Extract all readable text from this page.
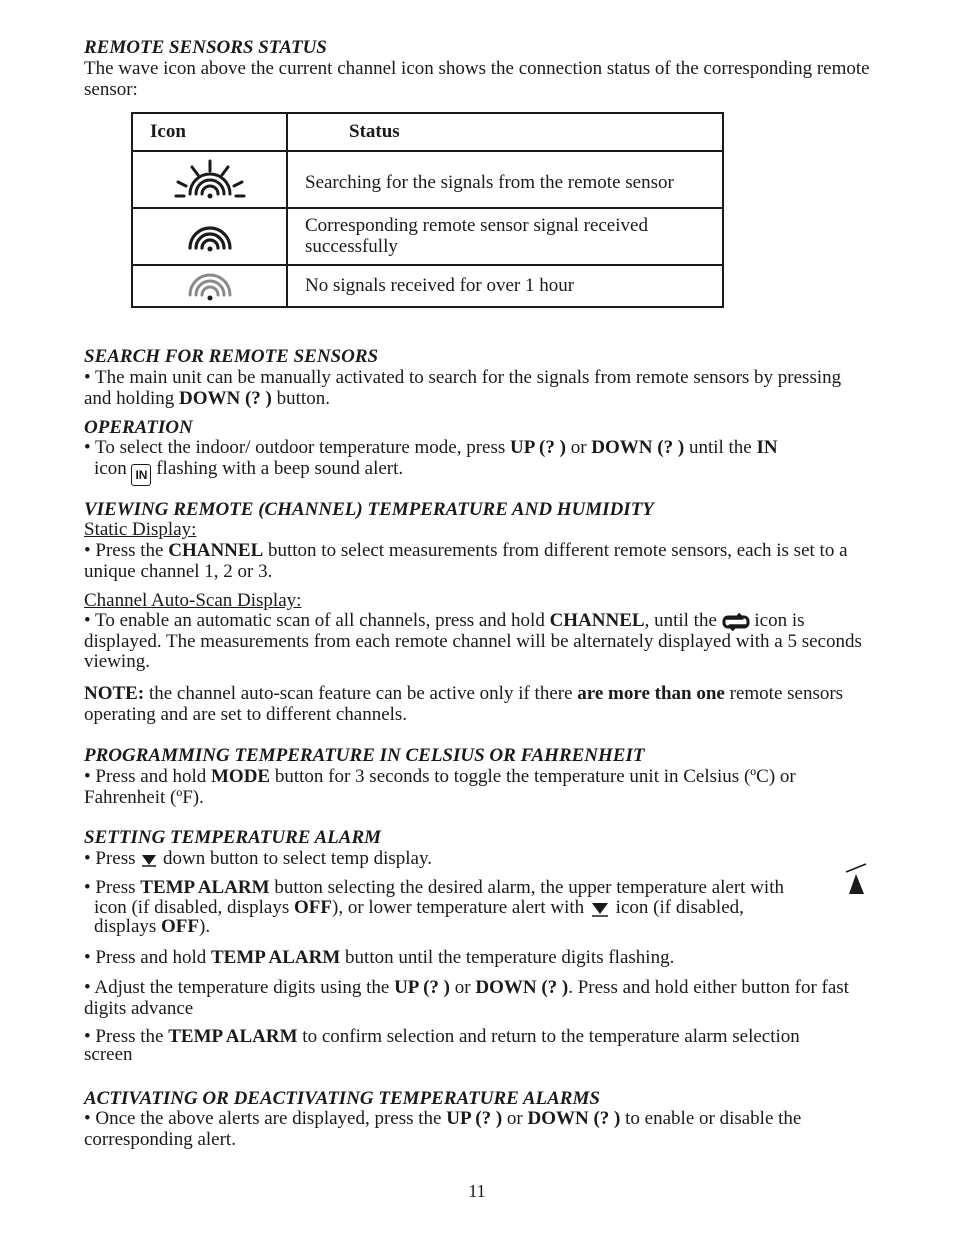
REMOTE SENSORS STATUS
The wave icon above the current channel icon shows the connection status of the corresponding remote sensor:
Icon	Status
	Searching for the signals from the remote sensor
	Corresponding remote sensor signal received successfully
	No signals received for over 1 hour
SEARCH FOR REMOTE SENSORS
• The main unit can be manually activated to search for the signals from remote sensors by pressing and holding DOWN (? ) button.
OPERATION
• To select the indoor/ outdoor temperature mode, press UP (? ) or DOWN (? ) until the IN
icon IN flashing with a beep sound alert.
VIEWING REMOTE (CHANNEL) TEMPERATURE AND HUMIDITY
Static Display:
• Press the CHANNEL button to select measurements from different remote sensors, each is set to a unique channel 1, 2 or 3.
Channel Auto-Scan Display:
• To enable an automatic scan of all channels, press and hold CHANNEL, until the  icon is displayed. The measurements from each remote channel will be alternately displayed with a 5 seconds viewing.
NOTE: the channel auto-scan feature can be active only if there are more than one remote sensors operating and are set to different channels.
PROGRAMMING TEMPERATURE IN CELSIUS OR FAHRENHEIT
• Press and hold MODE button for 3 seconds to toggle the temperature unit in Celsius (ºC) or Fahrenheit (ºF).
SETTING TEMPERATURE ALARM
• Press  down button to select temp display.
• Press TEMP ALARM button selecting the desired alarm, the upper temperature alert with
icon (if disabled, displays OFF), or lower temperature alert with  icon (if disabled,
displays OFF).
• Press and hold TEMP ALARM button until the temperature digits flashing.
• Adjust the temperature digits using the UP (? ) or DOWN (? ). Press and hold either button for fast digits advance
• Press the TEMP ALARM to confirm selection and return to the temperature alarm selection screen
ACTIVATING OR DEACTIVATING TEMPERATURE ALARMS
• Once the above alerts are displayed, press the UP (? ) or DOWN (? ) to enable or disable the corresponding alert.
11
